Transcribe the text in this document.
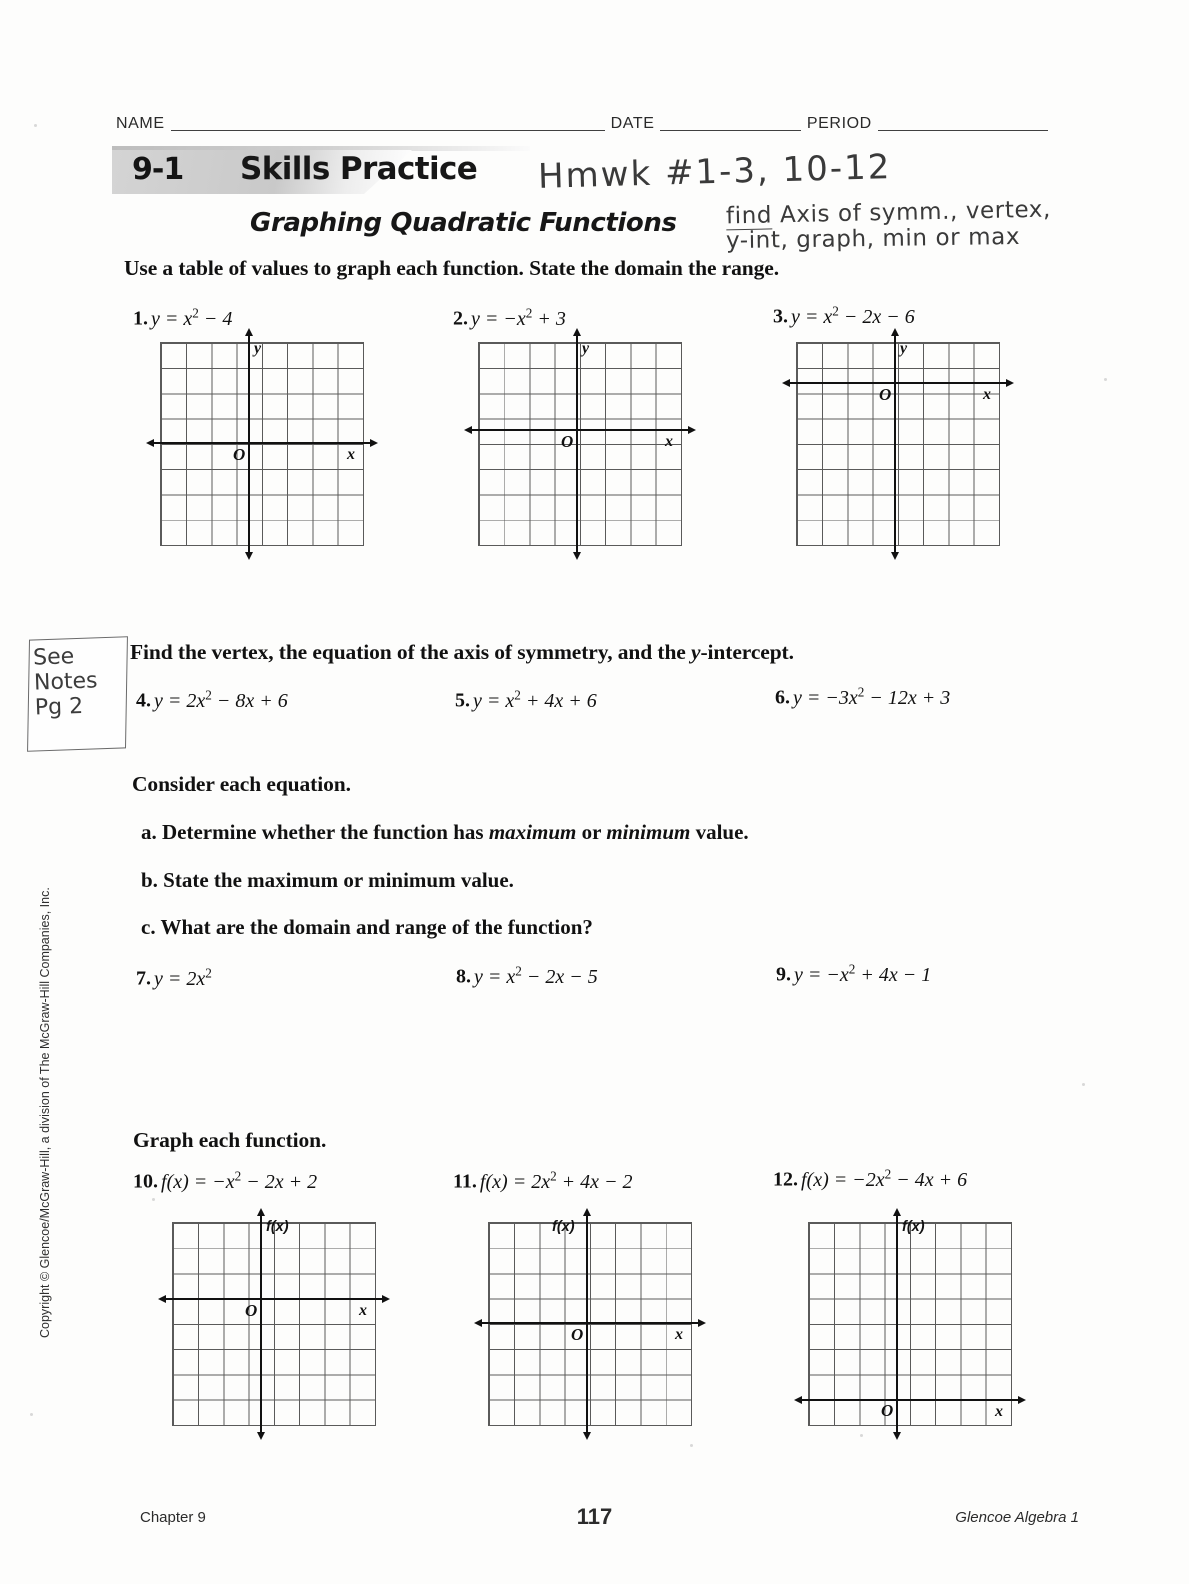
NAME	DATE	PERIOD
9-1 Skills Practice
Graphing Quadratic Functions
Hmwk #1-3, 10-12
find Axis of symm., vertex,
y-int, graph, min or max
Use a table of values to graph each function. State the domain the range.
1. $y = x^2 - 4$	2. $y = -x^2 + 3$	3. $y = x^2 - 2x - 6$
y
x
O
y
x
O
y
x
O
See Notes Pg 2
Find the vertex, the equation of the axis of symmetry, and the y-intercept.
4. $y = 2x^2 - 8x + 6$	5. $y = x^2 + 4x + 6$	6. $y = -3x^2 - 12x + 3$
Consider each equation.
a. Determine whether the function has maximum or minimum value.
b. State the maximum or minimum value.
c. What are the domain and range of the function?
7. $y = 2x^2$	8. $y = x^2 - 2x - 5$	9. $y = -x^2 + 4x - 1$
Graph each function.
10. $f(x) = -x^2 - 2x + 2$	11. $f(x) = 2x^2 + 4x - 2$	12. $f(x) = -2x^2 - 4x + 6$
f(x)
x
O
f(x)
x
O
f(x)
x
O
Copyright © Glencoe/McGraw-Hill, a division of The McGraw-Hill Companies, Inc.
Chapter 9	117	Glencoe Algebra 1
